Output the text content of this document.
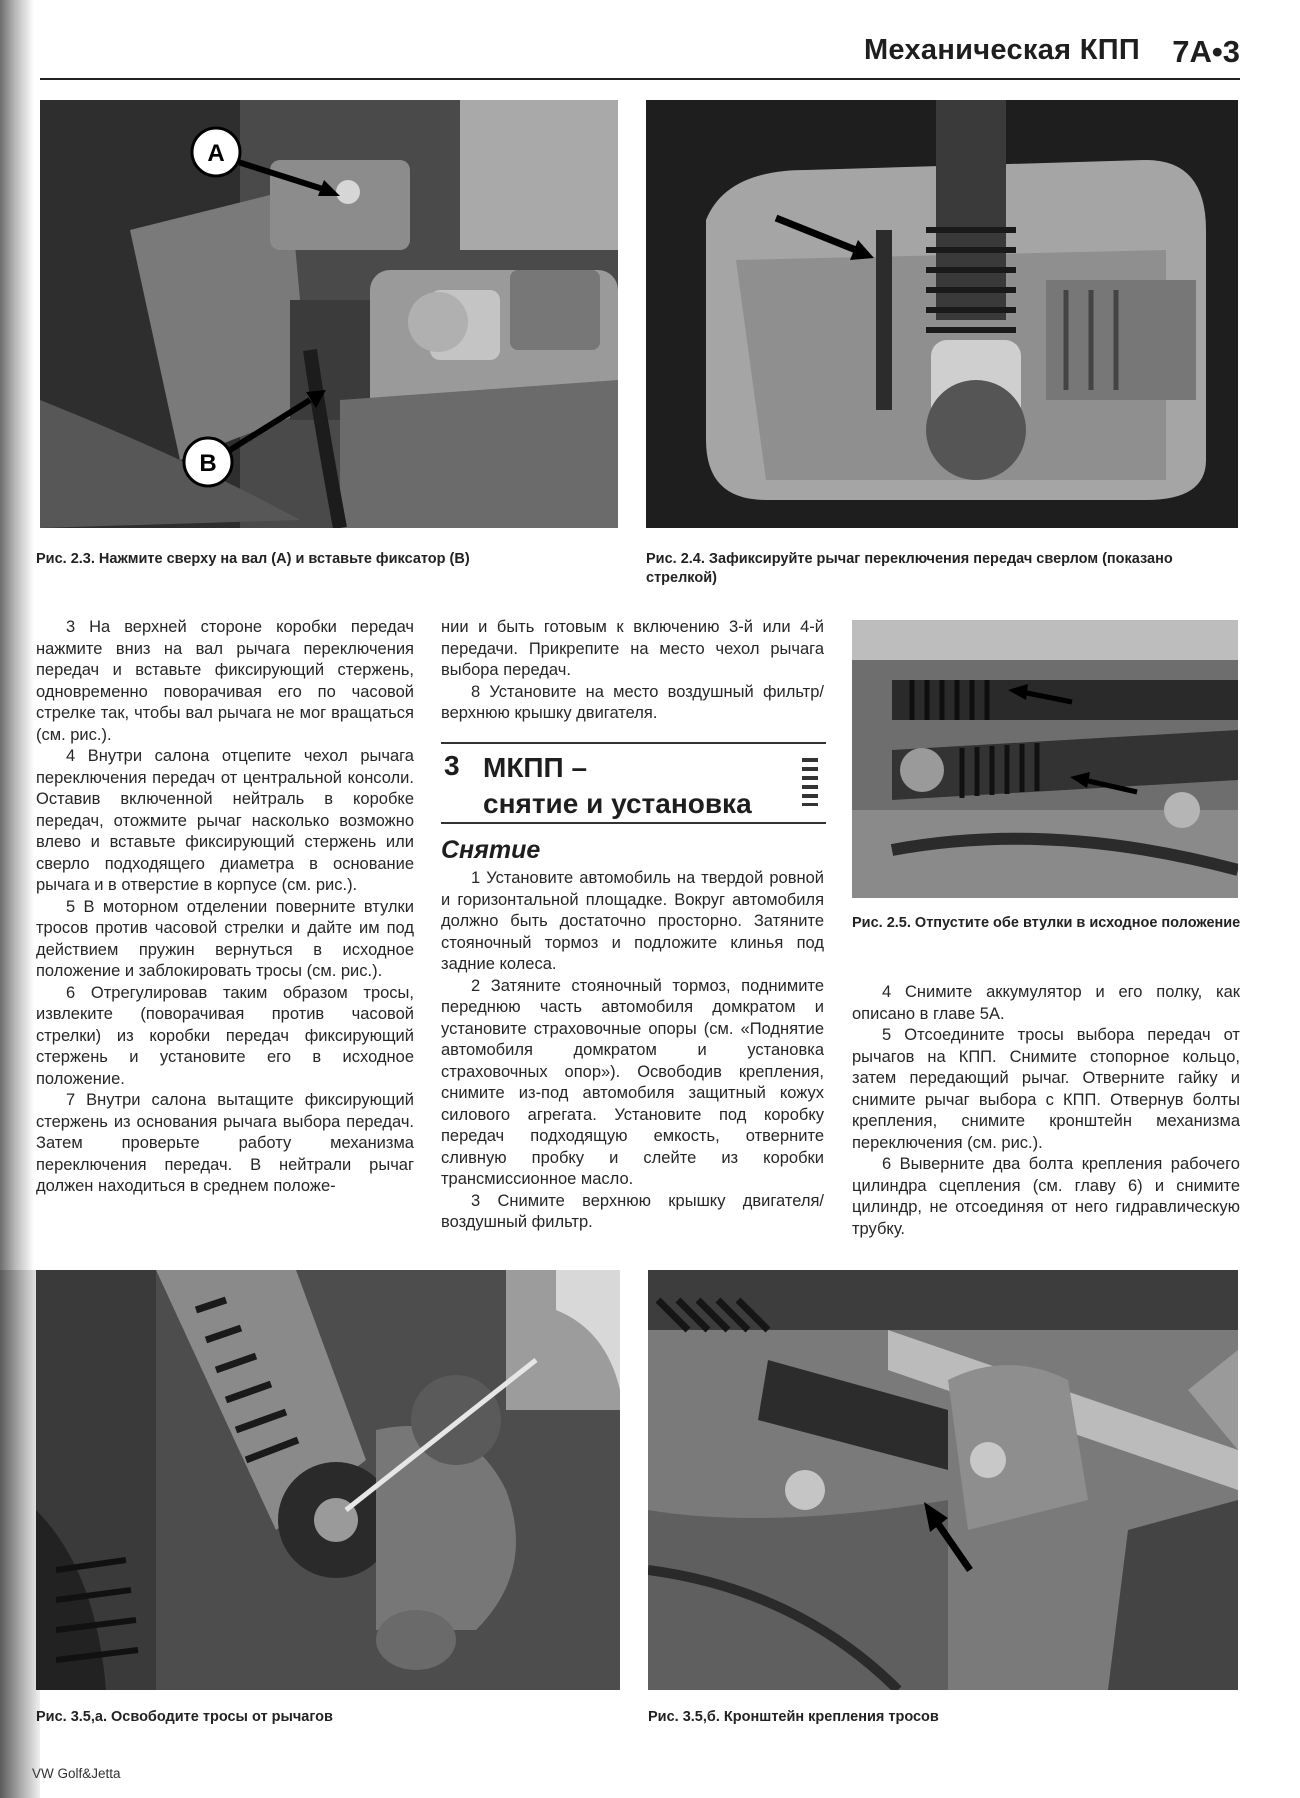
Механическая КПП 7A•3
A
B
Рис. 2.3. Нажмите сверху на вал (А) и вставьте фиксатор (B)	Рис. 2.4. Зафиксируйте рычаг переключения передач сверлом (показано стрелкой)

3 На верхней стороне коробки передач нажмите вниз на вал рычага переключения передач и вставьте фиксирующий стержень, одновременно поворачивая его по часовой стрелке так, чтобы вал рычага не мог вращаться (см. рис.).

4 Внутри салона отцепите чехол рычага переключения передач от центральной консоли. Оставив включенной нейтраль в коробке передач, отожмите рычаг насколько возможно влево и вставьте фиксирующий стержень или сверло подходящего диаметра в основание рычага и в отверстие в корпусе (см. рис.).

5 В моторном отделении поверните втулки тросов против часовой стрелки и дайте им под действием пружин вернуться в исходное положение и заблокировать тросы (см. рис.).

6 Отрегулировав таким образом тросы, извлеките (поворачивая против часовой стрелки) из коробки передач фиксирующий стержень и установите его в исходное положение.

7 Внутри салона вытащите фиксирующий стержень из основания рычага выбора передач. Затем проверьте работу механизма переключения передач. В нейтрали рычаг должен находиться в среднем положе-

нии и быть готовым к включению 3-й или 4-й передачи. Прикрепите на место чехол рычага выбора передач.

8 Установите на место воздушный фильтр/верхнюю крышку двигателя.

3 МКПП –
снятие и установка
Снятие

1 Установите автомобиль на твердой ровной и горизонтальной площадке. Вокруг автомобиля должно быть достаточно просторно. Затяните стояночный тормоз и подложите клинья под задние колеса.

2 Затяните стояночный тормоз, поднимите переднюю часть автомобиля домкратом и установите страховочные опоры (см. «Поднятие автомобиля домкратом и установка страховочных опор»). Освободив крепления, снимите из-под автомобиля защитный кожух силового агрегата. Установите под коробку передач подходящую емкость, отверните сливную пробку и слейте из коробки трансмиссионное масло.

3 Снимите верхнюю крышку двигателя/воздушный фильтр.

Рис. 2.5. Отпустите обе втулки в исходное положение

4 Снимите аккумулятор и его полку, как описано в главе 5А.

5 Отсоедините тросы выбора передач от рычагов на КПП. Снимите стопорное кольцо, затем передающий рычаг. Отверните гайку и снимите рычаг выбора с КПП. Отвернув болты крепления, снимите кронштейн механизма переключения (см. рис.).

6 Выверните два болта крепления рабочего цилиндра сцепления (см. главу 6) и снимите цилиндр, не отсоединяя от него гидравлическую трубку.

Рис. 3.5,а. Освободите тросы от рычагов	Рис. 3.5,б. Кронштейн крепления тросов
VW Golf&Jetta
